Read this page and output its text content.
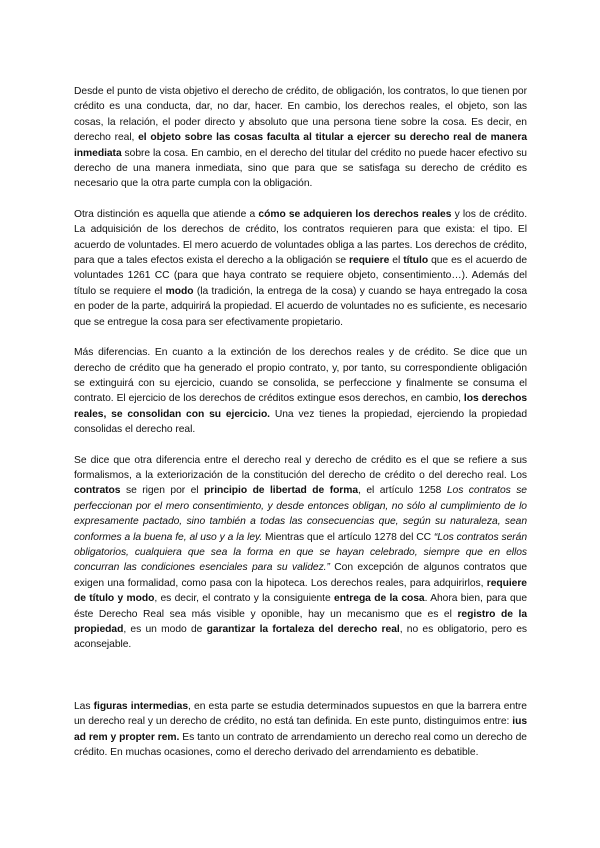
Desde el punto de vista objetivo el derecho de crédito, de obligación, los contratos, lo que tienen por crédito es una conducta, dar, no dar, hacer. En cambio, los derechos reales, el objeto, son las cosas, la relación, el poder directo y absoluto que una persona tiene sobre la cosa. Es decir, en derecho real, el objeto sobre las cosas faculta al titular a ejercer su derecho real de manera inmediata sobre la cosa. En cambio, en el derecho del titular del crédito no puede hacer efectivo su derecho de una manera inmediata, sino que para que se satisfaga su derecho de crédito es necesario que la otra parte cumpla con la obligación.

Otra distinción es aquella que atiende a cómo se adquieren los derechos reales y los de crédito. La adquisición de los derechos de crédito, los contratos requieren para que exista: el tipo. El acuerdo de voluntades. El mero acuerdo de voluntades obliga a las partes. Los derechos de crédito, para que a tales efectos exista el derecho a la obligación se requiere el título que es el acuerdo de voluntades 1261 CC (para que haya contrato se requiere objeto, consentimiento…). Además del título se requiere el modo (la tradición, la entrega de la cosa) y cuando se haya entregado la cosa en poder de la parte, adquirirá la propiedad. El acuerdo de voluntades no es suficiente, es necesario que se entregue la cosa para ser efectivamente propietario.

Más diferencias. En cuanto a la extinción de los derechos reales y de crédito. Se dice que un derecho de crédito que ha generado el propio contrato, y, por tanto, su correspondiente obligación se extinguirá con su ejercicio, cuando se consolida, se perfeccione y finalmente se consuma el contrato. El ejercicio de los derechos de créditos extingue esos derechos, en cambio, los derechos reales, se consolidan con su ejercicio. Una vez tienes la propiedad, ejerciendo la propiedad consolidas el derecho real.

Se dice que otra diferencia entre el derecho real y derecho de crédito es el que se refiere a sus formalismos, a la exteriorización de la constitución del derecho de crédito o del derecho real. Los contratos se rigen por el principio de libertad de forma, el artículo 1258 Los contratos se perfeccionan por el mero consentimiento, y desde entonces obligan, no sólo al cumplimiento de lo expresamente pactado, sino también a todas las consecuencias que, según su naturaleza, sean conformes a la buena fe, al uso y a la ley. Mientras que el artículo 1278 del CC “Los contratos serán obligatorios, cualquiera que sea la forma en que se hayan celebrado, siempre que en ellos concurran las condiciones esenciales para su validez.” Con excepción de algunos contratos que exigen una formalidad, como pasa con la hipoteca. Los derechos reales, para adquirirlos, requiere de título y modo, es decir, el contrato y la consiguiente entrega de la cosa. Ahora bien, para que éste Derecho Real sea más visible y oponible, hay un mecanismo que es el registro de la propiedad, es un modo de garantizar la fortaleza del derecho real, no es obligatorio, pero es aconsejable.

Las figuras intermedias, en esta parte se estudia determinados supuestos en que la barrera entre un derecho real y un derecho de crédito, no está tan definida. En este punto, distinguimos entre: ius ad rem y propter rem. Es tanto un contrato de arrendamiento un derecho real como un derecho de crédito. En muchas ocasiones, como el derecho derivado del arrendamiento es debatible.
